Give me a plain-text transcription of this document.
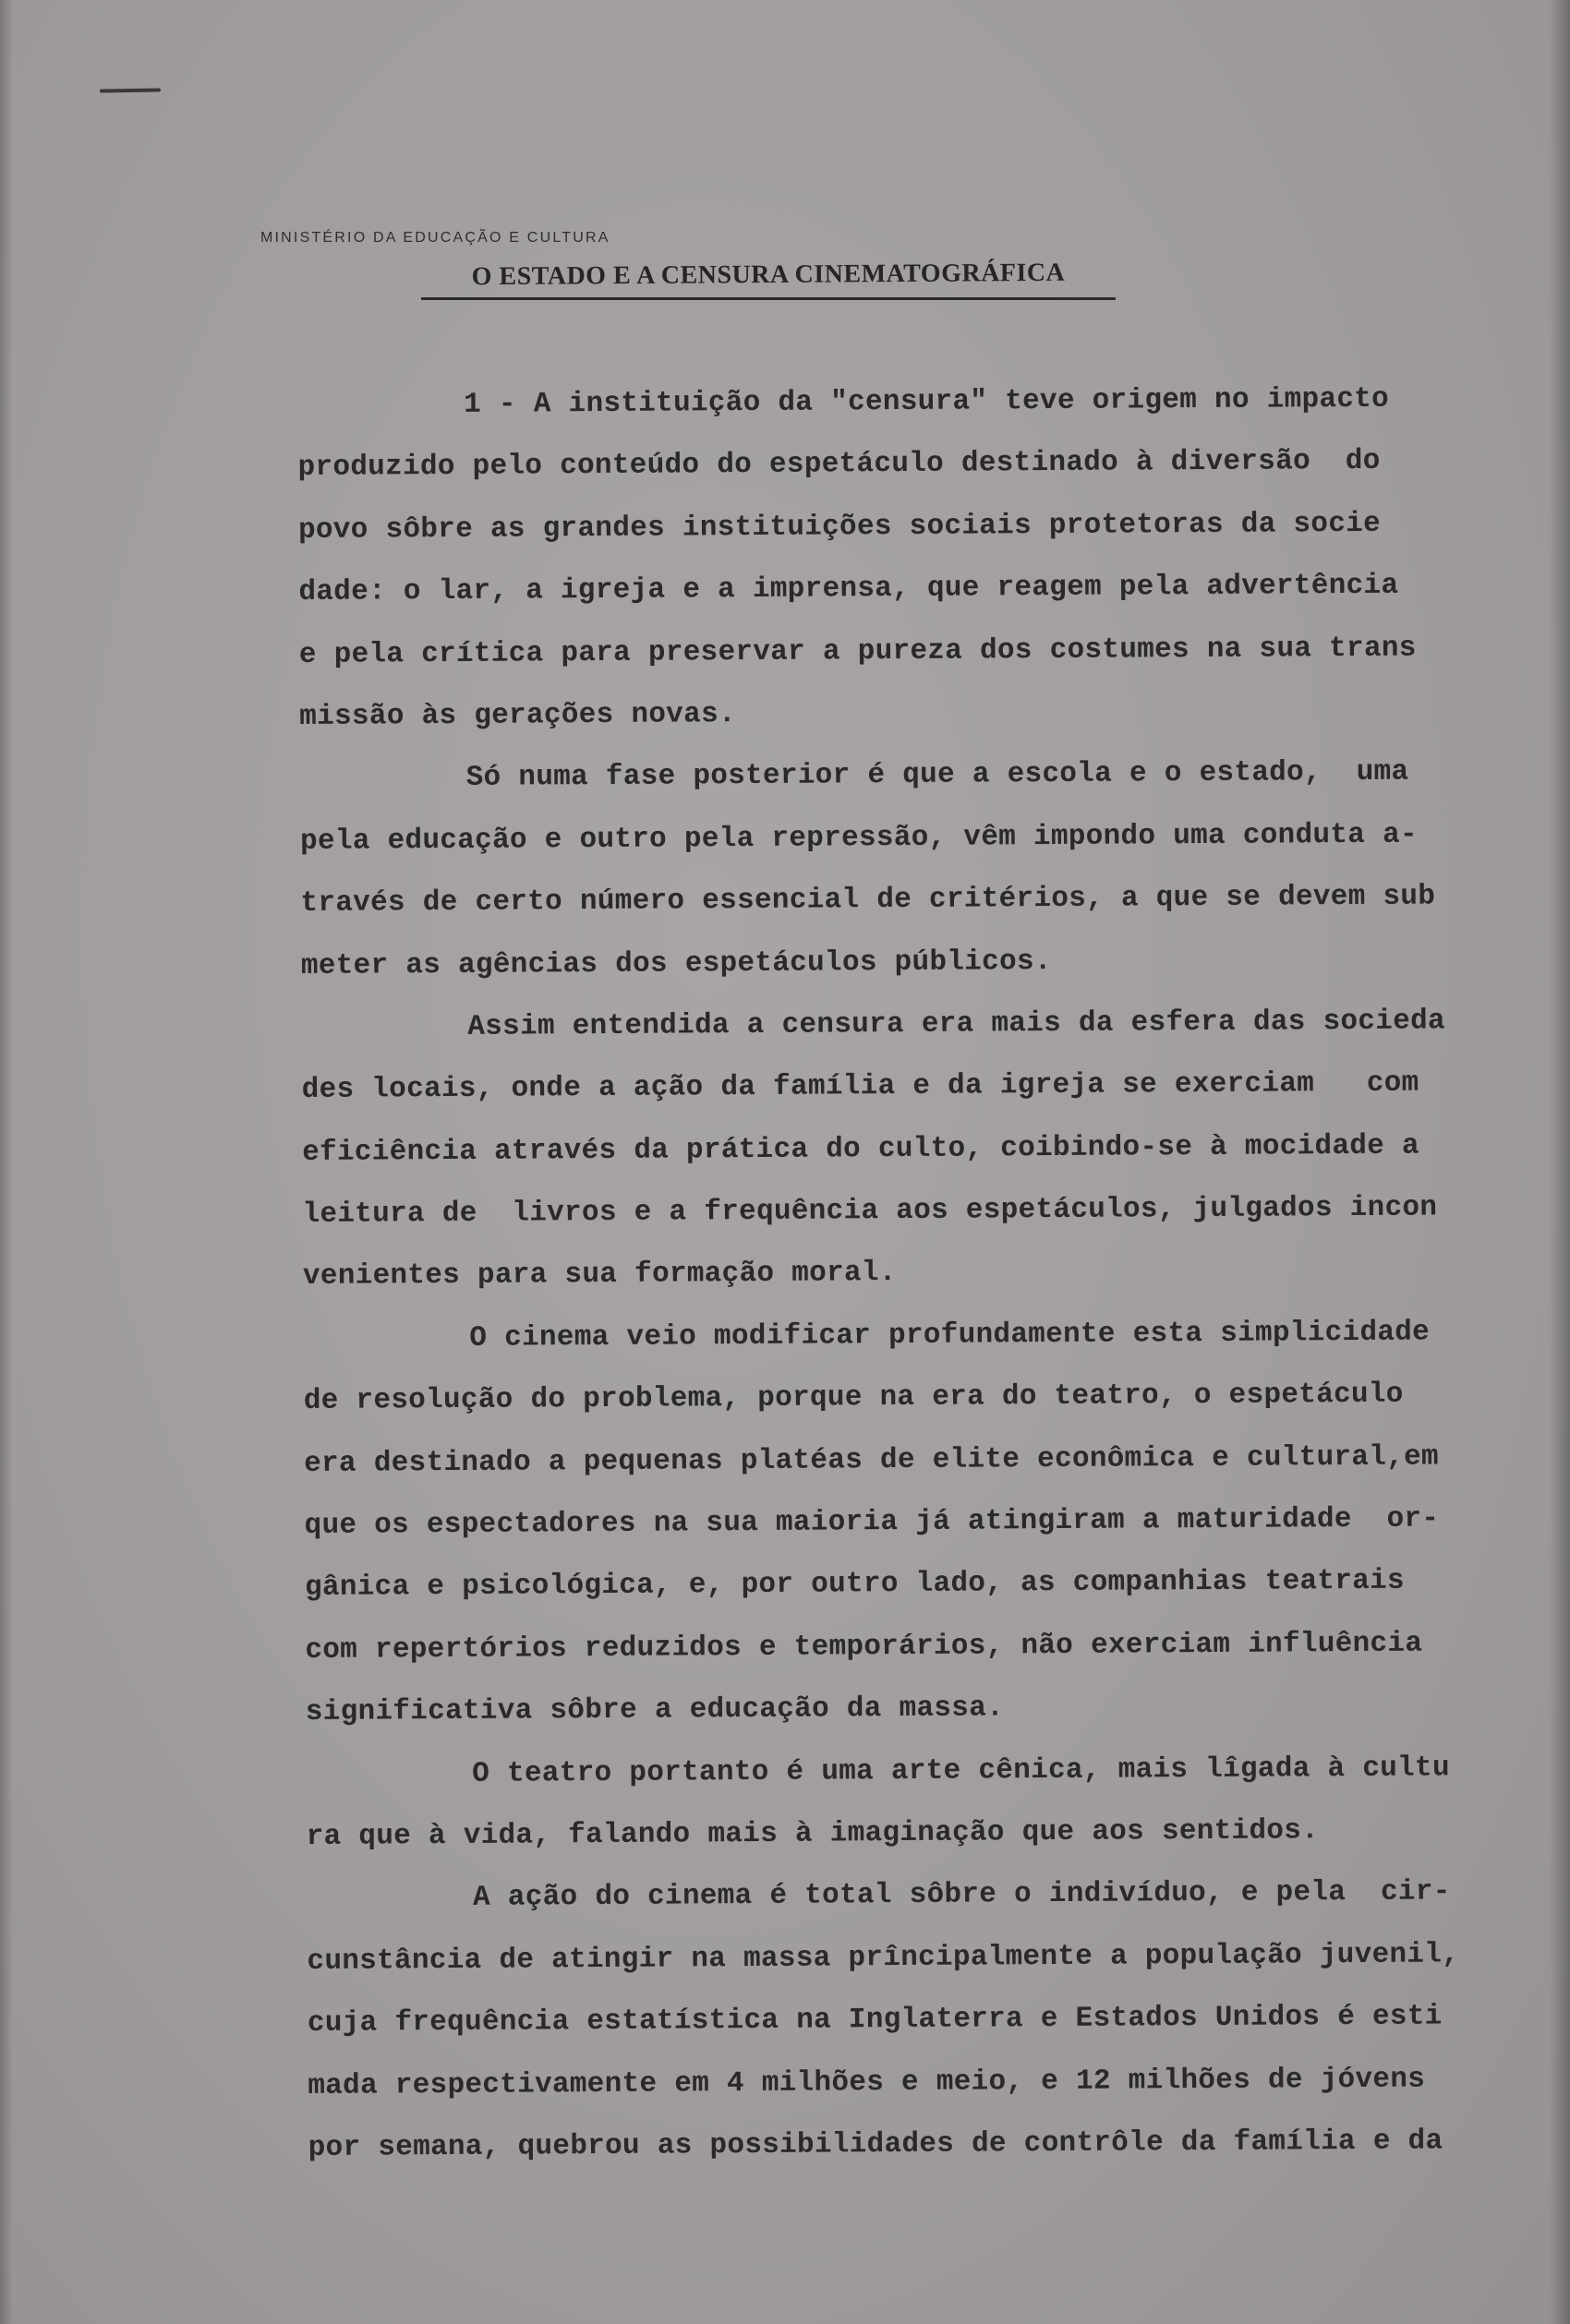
MINISTÉRIO DA EDUCAÇÃO E CULTURA
O ESTADO E A CENSURA CINEMATOGRÁFICA
1 - A instituição da "censura" teve origem no impacto
produzido pelo conteúdo do espetáculo destinado à diversão  do
povo sôbre as grandes instituições sociais protetoras da socie
dade: o lar, a igreja e a imprensa, que reagem pela advertência
e pela crítica para preservar a pureza dos costumes na sua trans
missão às gerações novas.
Só numa fase posterior é que a escola e o estado,  uma
pela educação e outro pela repressão, vêm impondo uma conduta a-
través de certo número essencial de critérios, a que se devem sub
meter as agências dos espetáculos públicos.
Assim entendida a censura era mais da esfera das socieda
des locais, onde a ação da família e da igreja se exerciam   com
eficiência através da prática do culto, coibindo-se à mocidade a
leitura de  livros e a frequência aos espetáculos, julgados incon
venientes para sua formação moral.
O cinema veio modificar profundamente esta simplicidade
de resolução do problema, porque na era do teatro, o espetáculo
era destinado a pequenas platéas de elite econômica e cultural,em
que os espectadores na sua maioria já atingiram a maturidade  or-
gânica e psicológica, e, por outro lado, as companhias teatrais
com repertórios reduzidos e temporários, não exerciam influência
significativa sôbre a educação da massa.
O teatro portanto é uma arte cênica, mais lîgada à cultu
ra que à vida, falando mais à imaginação que aos sentidos.
A ação do cinema é total sôbre o indivíduo, e pela  cir-
cunstância de atingir na massa prîncipalmente a população juvenil,
cuja frequência estatística na Inglaterra e Estados Unidos é esti
mada respectivamente em 4 milhões e meio, e 12 milhões de jóvens
por semana, quebrou as possibilidades de contrôle da família e da
